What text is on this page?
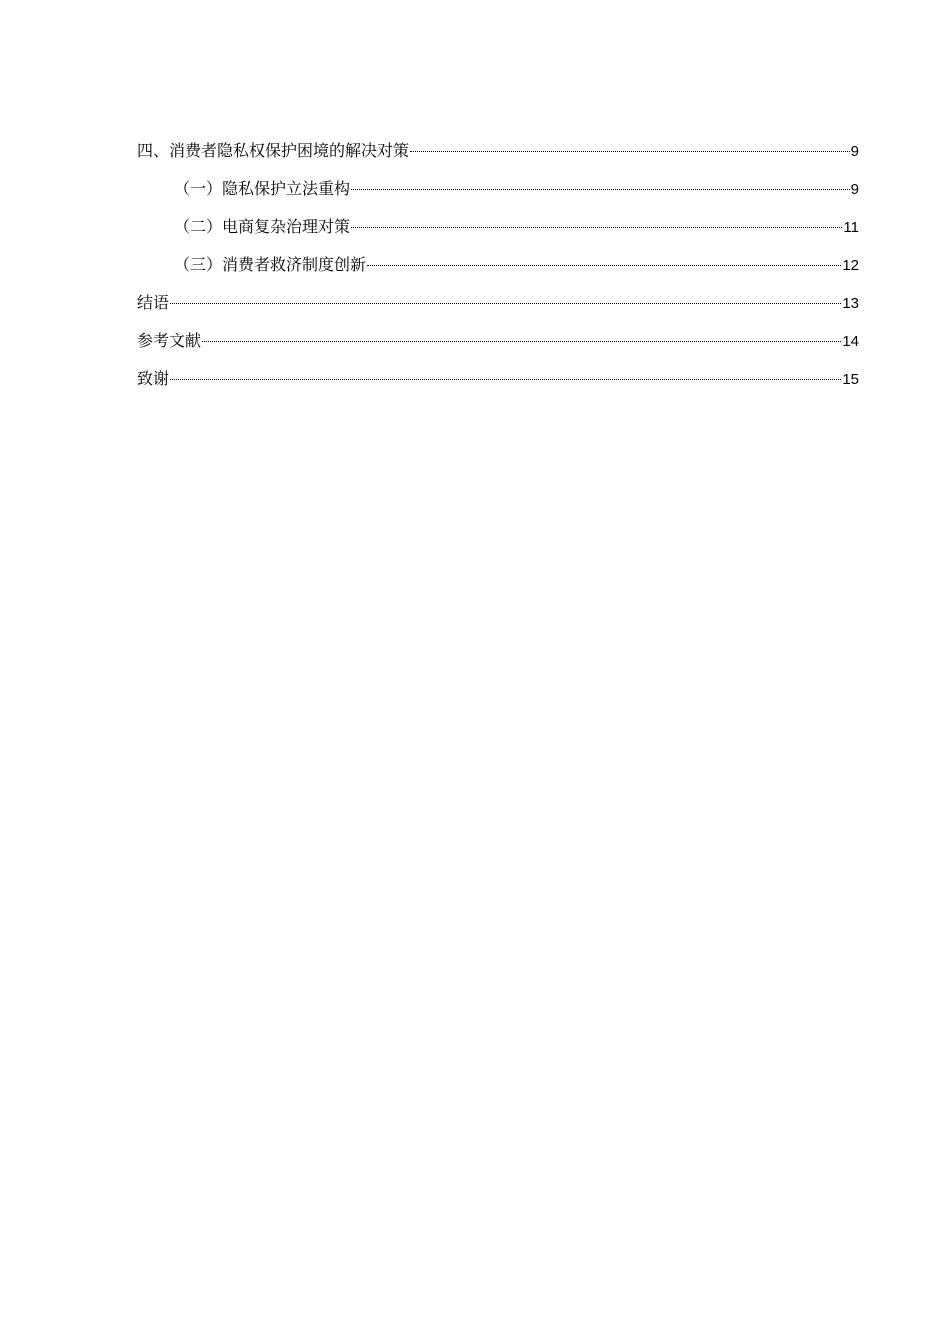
四、消费者隐私权保护困境的解决对策	9
（一）隐私保护立法重构	9
（二）电商复杂治理对策	11
（三）消费者救济制度创新	12
结语	13
参考文献	14
致谢	15
